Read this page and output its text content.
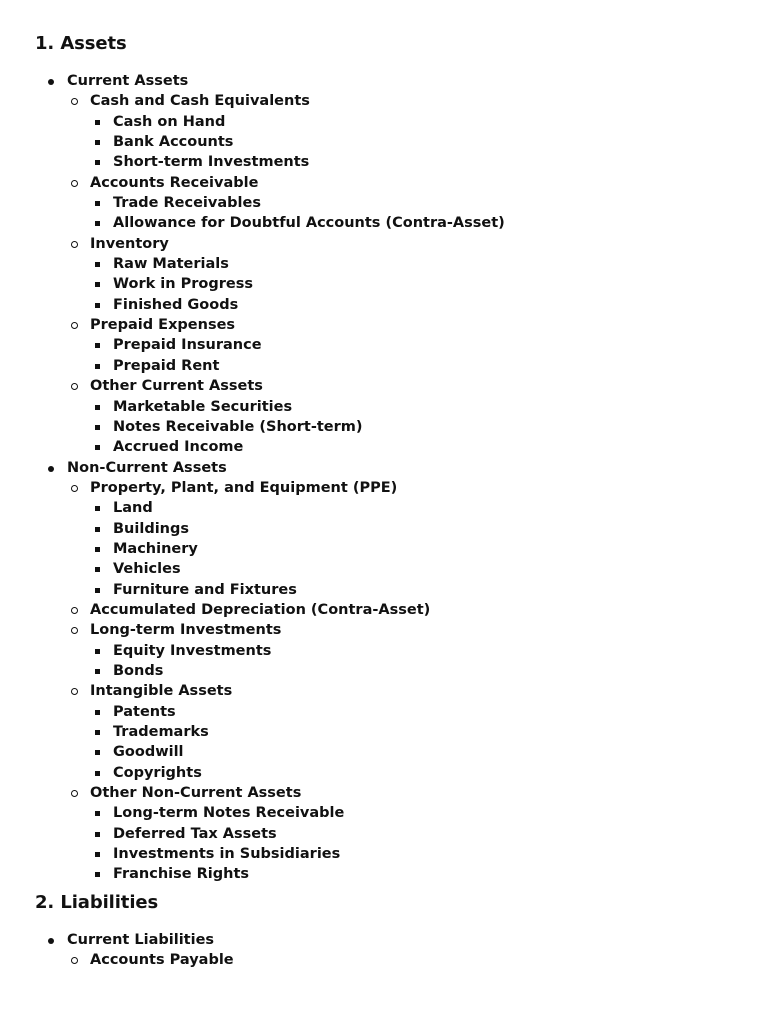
1. Assets
Current Assets
Cash and Cash Equivalents
Cash on Hand
Bank Accounts
Short-term Investments
Accounts Receivable
Trade Receivables
Allowance for Doubtful Accounts (Contra-Asset)
Inventory
Raw Materials
Work in Progress
Finished Goods
Prepaid Expenses
Prepaid Insurance
Prepaid Rent
Other Current Assets
Marketable Securities
Notes Receivable (Short-term)
Accrued Income
Non-Current Assets
Property, Plant, and Equipment (PPE)
Land
Buildings
Machinery
Vehicles
Furniture and Fixtures
Accumulated Depreciation (Contra-Asset)
Long-term Investments
Equity Investments
Bonds
Intangible Assets
Patents
Trademarks
Goodwill
Copyrights
Other Non-Current Assets
Long-term Notes Receivable
Deferred Tax Assets
Investments in Subsidiaries
Franchise Rights
2. Liabilities
Current Liabilities
Accounts Payable
